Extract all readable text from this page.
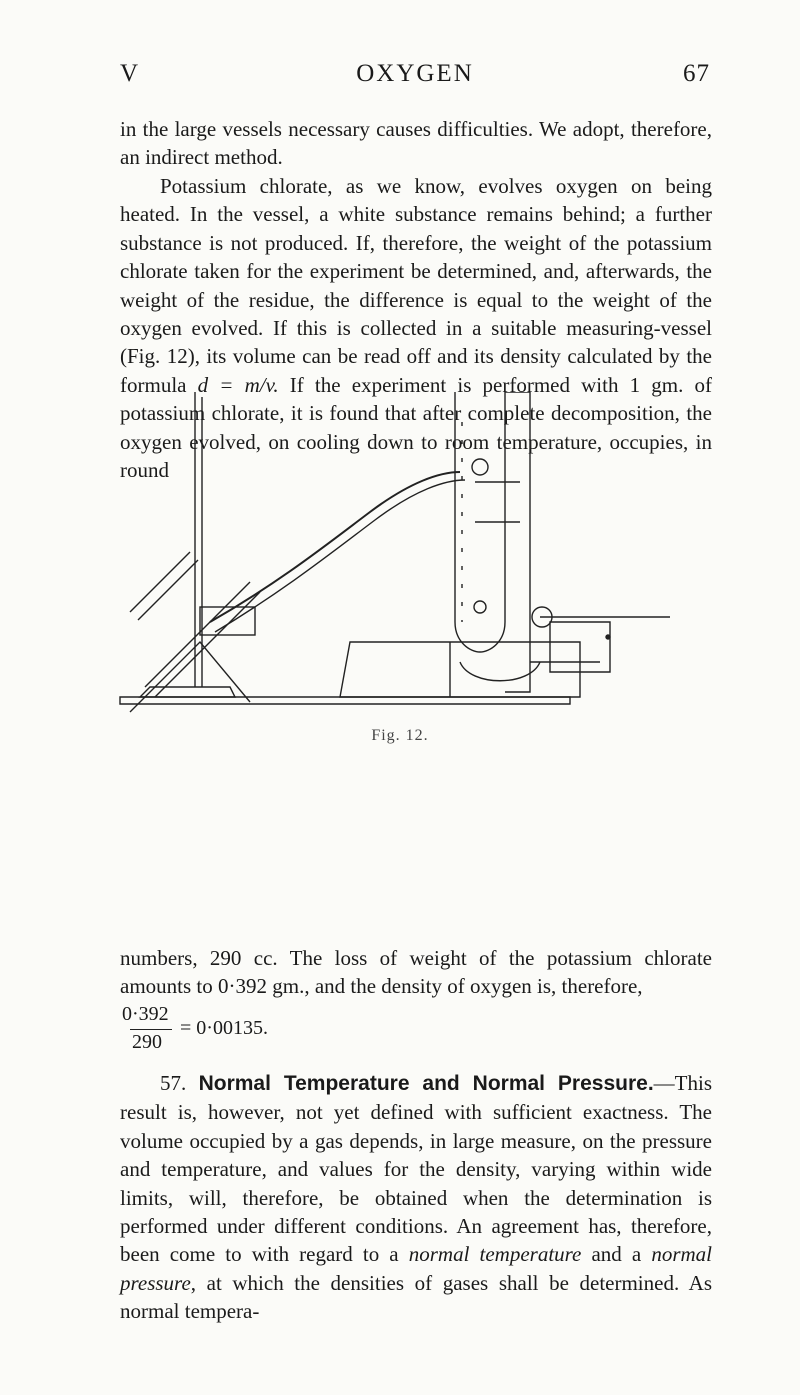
V	OXYGEN	67

in the large vessels necessary causes difficulties. We adopt, therefore, an indirect method.

Potassium chlorate, as we know, evolves oxygen on being heated. In the vessel, a white substance remains behind; a further substance is not produced. If, therefore, the weight of the potassium chlorate taken for the experiment be determined, and, afterwards, the weight of the residue, the difference is equal to the weight of the oxygen evolved. If this is collected in a suitable measuring-vessel (Fig. 12), its volume can be read off and its density calculated by the formula d = m/v. If the experiment is performed with 1 gm. of potassium chlorate, it is found that after complete decomposition, the oxygen evolved, on cooling down to room temperature, occupies, in round

Fig. 12.

numbers, 290 cc. The loss of weight of the potassium chlorate amounts to 0·392 gm., and the density of oxygen is, therefore,

0·392
290
= 0·00135.

57. Normal Temperature and Normal Pressure.—This result is, however, not yet defined with sufficient exactness. The volume occupied by a gas depends, in large measure, on the pressure and temperature, and values for the density, varying within wide limits, will, therefore, be obtained when the determination is performed under different conditions. An agreement has, therefore, been come to with regard to a normal temperature and a normal pressure, at which the densities of gases shall be determined. As normal tempera-
